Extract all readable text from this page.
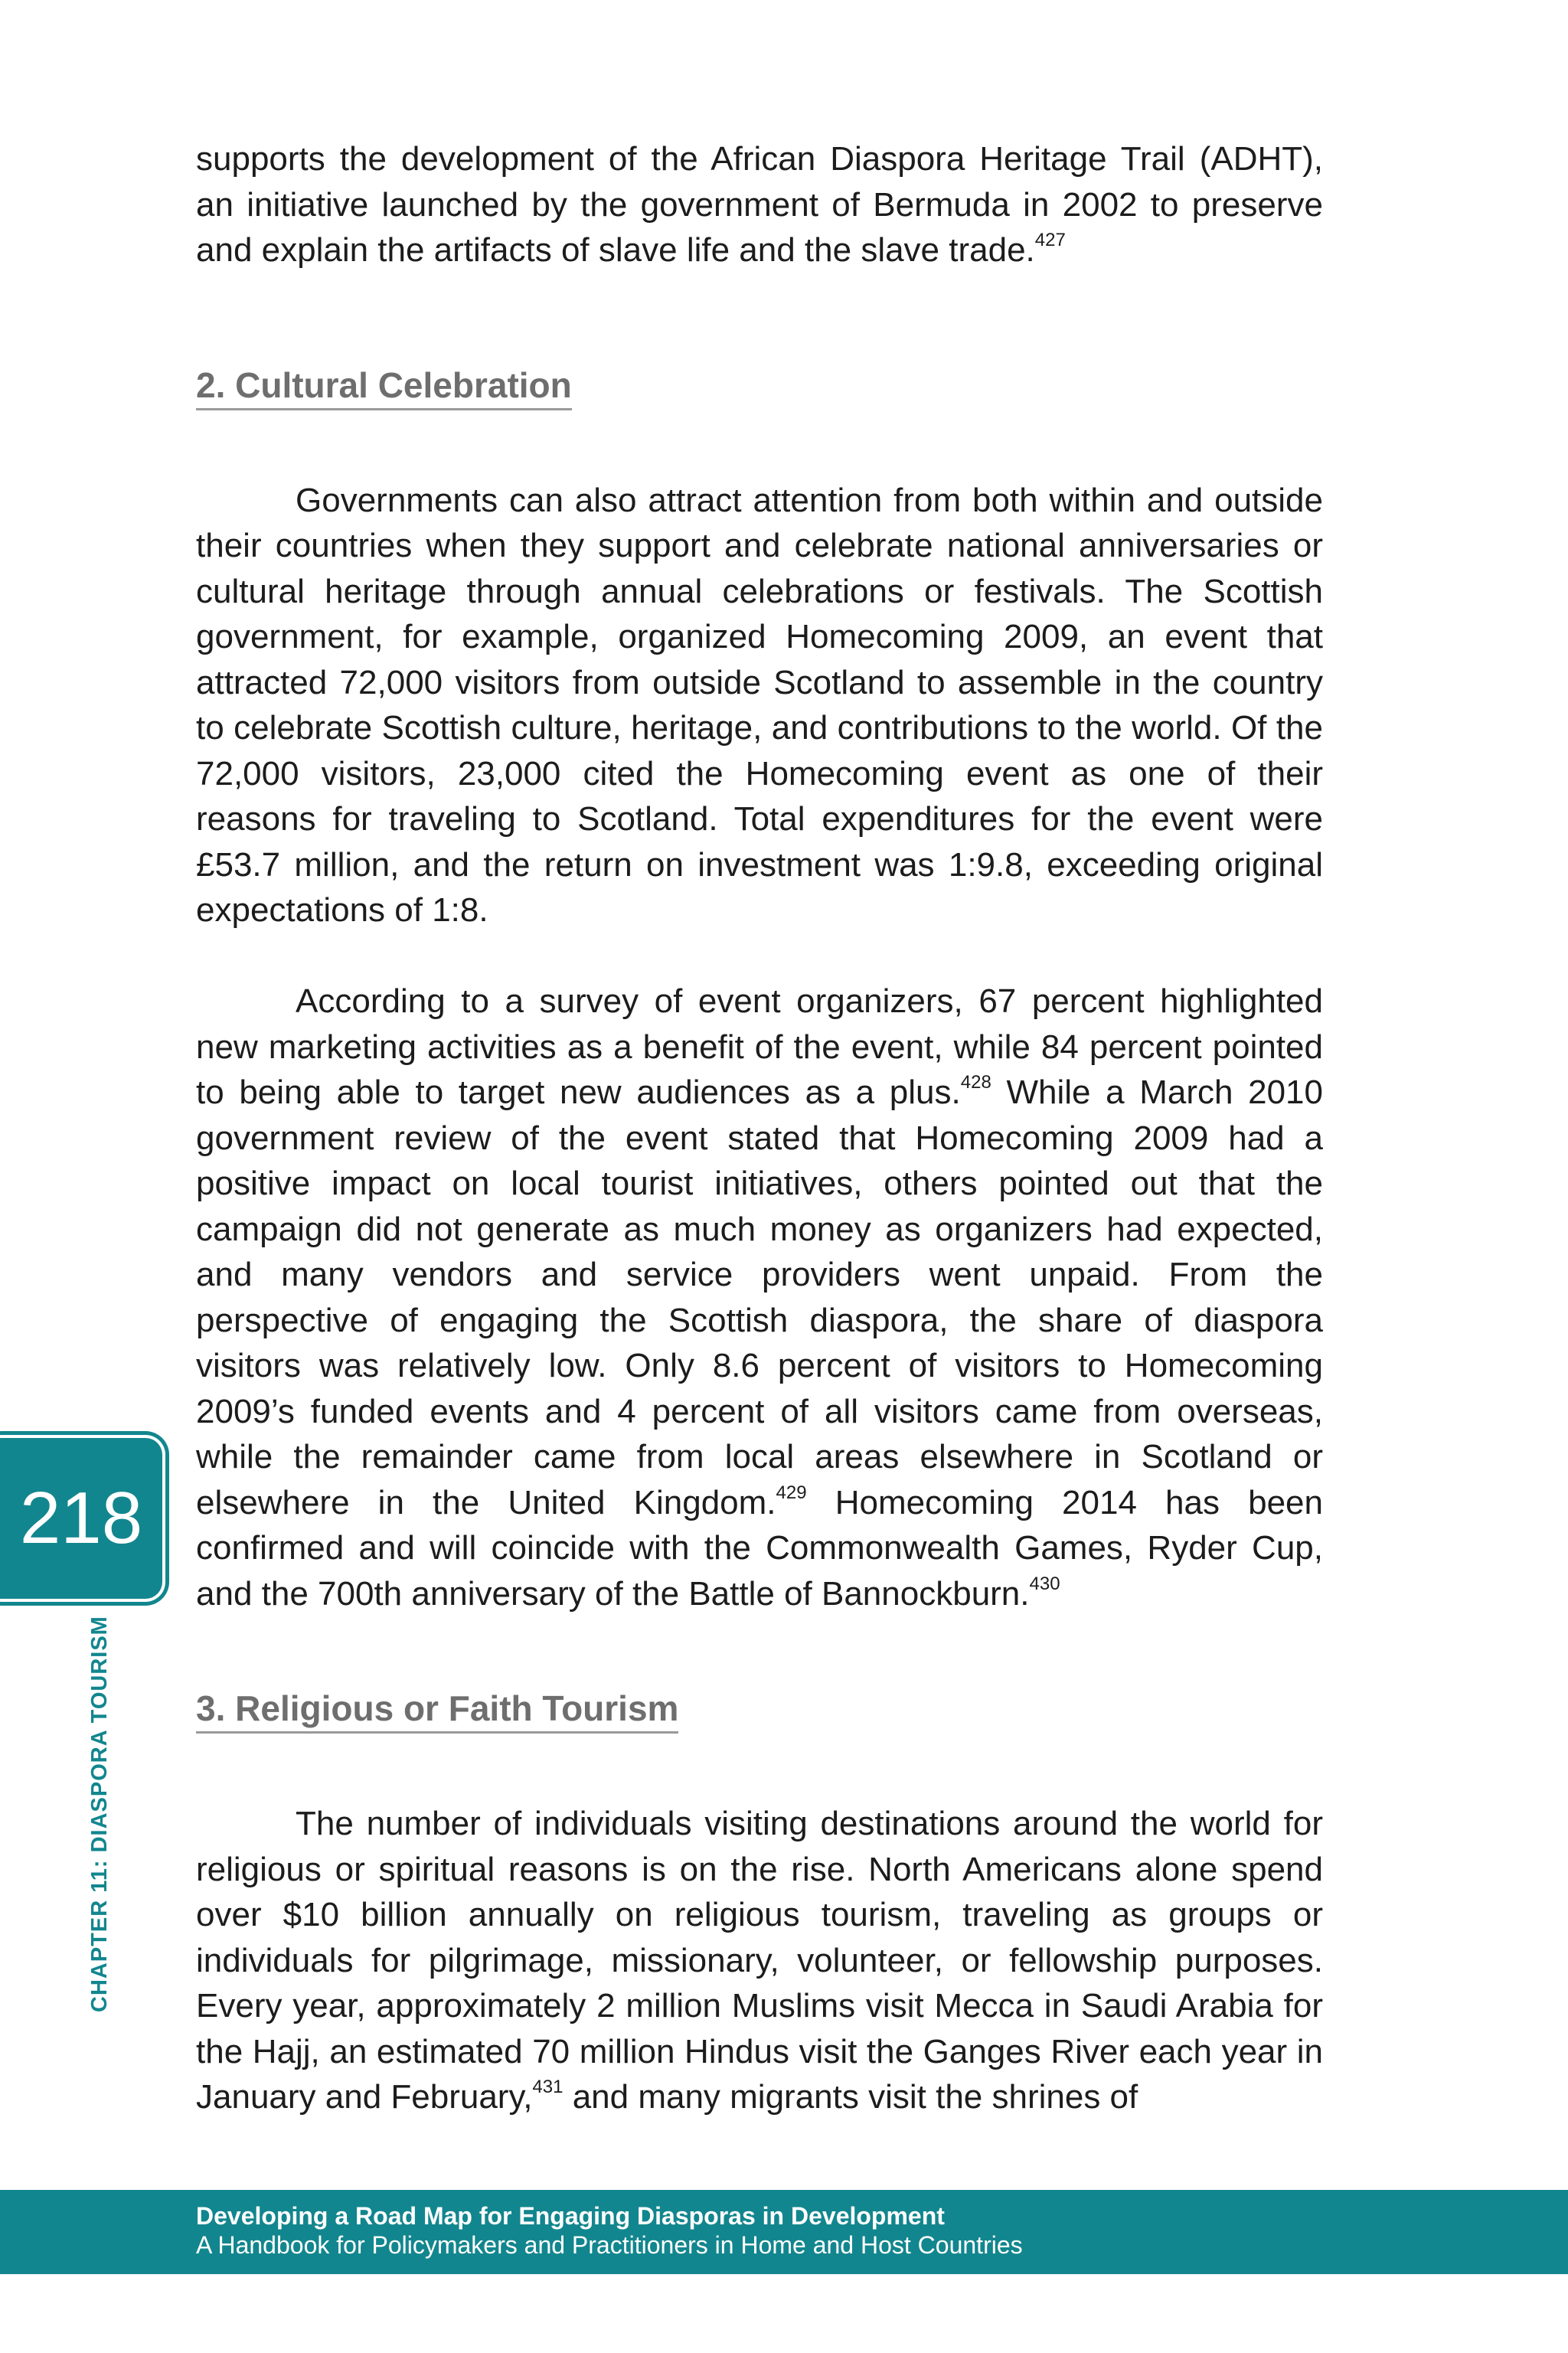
supports the development of the African Diaspora Heritage Trail (ADHT), an initiative launched by the government of Bermuda in 2002 to preserve and explain the artifacts of slave life and the slave trade.$^{427}$

2. Cultural Celebration

Governments can also attract attention from both within and outside their countries when they support and celebrate national anniversaries or cultural heritage through annual celebrations or festivals. The Scottish government, for example, organized Homecoming 2009, an event that attracted 72,000 visitors from outside Scotland to assemble in the country to celebrate Scottish culture, heritage, and contributions to the world. Of the 72,000 visitors, 23,000 cited the Homecoming event as one of their reasons for traveling to Scotland. Total expenditures for the event were £53.7 million, and the return on investment was 1:9.8, exceeding original expectations of 1:8.

According to a survey of event organizers, 67 percent highlighted new marketing activities as a benefit of the event, while 84 percent pointed to being able to target new audiences as a plus.$^{428}$ While a March 2010 government review of the event stated that Homecoming 2009 had a positive impact on local tourist initiatives, others pointed out that the campaign did not generate as much money as organizers had expected, and many vendors and service providers went unpaid. From the perspective of engaging the Scottish diaspora, the share of diaspora visitors was relatively low. Only 8.6 percent of visitors to Homecoming 2009’s funded events and 4 percent of all visitors came from overseas, while the remainder came from local areas elsewhere in Scotland or elsewhere in the United Kingdom.$^{429}$ Homecoming 2014 has been confirmed and will coincide with the Commonwealth Games, Ryder Cup, and the 700th anniversary of the Battle of Bannockburn.$^{430}$

3. Religious or Faith Tourism

The number of individuals visiting destinations around the world for religious or spiritual reasons is on the rise. North Americans alone spend over $10 billion annually on religious tourism, traveling as groups or individuals for pilgrimage, missionary, volunteer, or fellowship purposes. Every year, approximately 2 million Muslims visit Mecca in Saudi Arabia for the Hajj, an estimated 70 million Hindus visit the Ganges River each year in January and February,$^{431}$ and many migrants visit the shrines of

218
CHAPTER 11: DIASPORA TOURISM
Developing a Road Map for Engaging Diasporas in Development
A Handbook for Policymakers and Practitioners in Home and Host Countries
